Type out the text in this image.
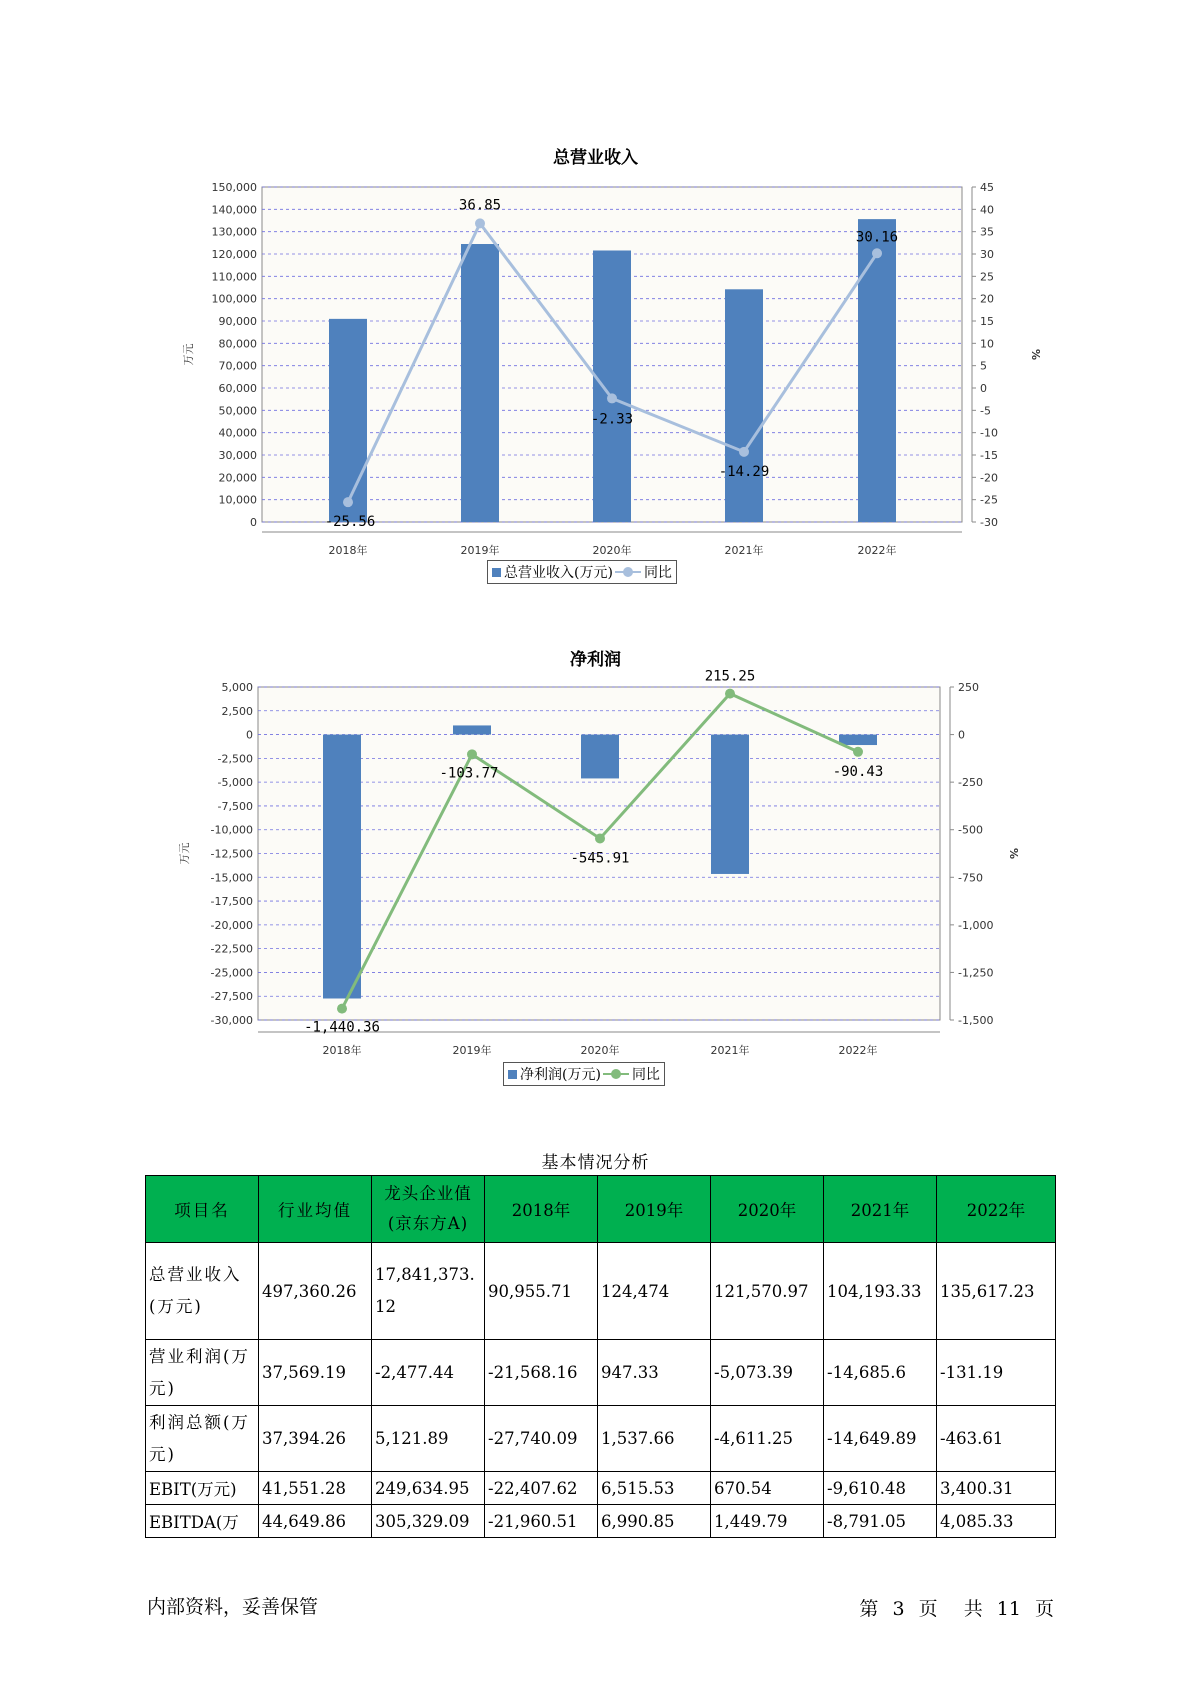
总营业收入
0
10,000
20,000
30,000
40,000
50,000
60,000
70,000
80,000
90,000
100,000
110,000
120,000
130,000
140,000
150,000
万元
-30
-25
-20
-15
-10
-5
0
5
10
15
20
25
30
35
40
45
%
2018年	2019年	2020年	2021年	2022年
-25.56
36.85
-2.33
-14.29
30.16
总营业收入(万元) 同比
净利润
-30,000
-27,500
-25,000
-22,500
-20,000
-17,500
-15,000
-12,500
-10,000
-7,500
-5,000
-2,500
0
2,500
5,000
万元
-1,500
-1,250
-1,000
-750
-500
-250
0
250
%
2018年	2019年	2020年	2021年	2022年
-1,440.36
-103.77
-545.91
215.25
-90.43
净利润(万元) 同比
基本情况分析
项目名	行业均值	龙头企业值(京东方A)	2018年	2019年	2020年	2021年	2022年
总营业收入(万元)	497,360.26	17,841,373.12	90,955.71	124,474	121,570.97	104,193.33	135,617.23
营业利润(万元)	37,569.19	-2,477.44	-21,568.16	947.33	-5,073.39	-14,685.6	-131.19
利润总额(万元)	37,394.26	5,121.89	-27,740.09	1,537.66	-4,611.25	-14,649.89	-463.61
EBIT(万元)	41,551.28	249,634.95	-22,407.62	6,515.53	670.54	-9,610.48	3,400.31
EBITDA(万	44,649.86	305,329.09	-21,960.51	6,990.85	1,449.79	-8,791.05	4,085.33
内部资料，妥善保管	第 3 页 共 11 页
